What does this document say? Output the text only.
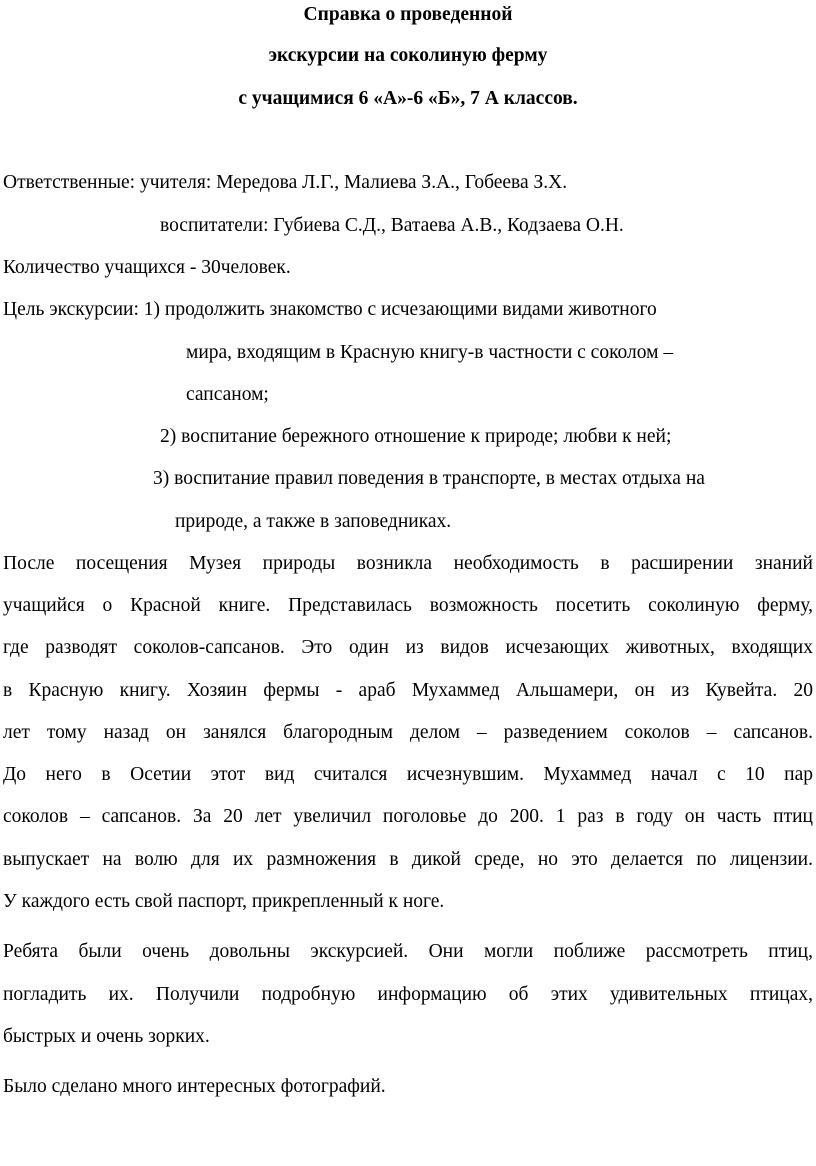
Справка о проведенной
экскурсии на соколиную ферму
с учащимися 6 «А»-6 «Б», 7 А классов.
Ответственные: учителя: Мередова Л.Г., Малиева З.А., Гобеева З.Х.
воспитатели: Губиева С.Д., Ватаева А.В., Кодзаева О.Н.
Количество учащихся - 30человек.
Цель экскурсии: 1) продолжить знакомство с исчезающими видами животного
мира, входящим в Красную книгу-в частности с соколом –
сапсаном;
2) воспитание бережного отношение к природе; любви к ней;
3) воспитание правил поведения в транспорте, в местах отдыха на
природе, а также в заповедниках.
После посещения Музея природы возникла необходимость в расширении знаний
учащийся о Красной книге. Представилась возможность посетить соколиную ферму,
где разводят соколов-сапсанов. Это один из видов исчезающих животных, входящих
в Красную книгу. Хозяин фермы - араб Мухаммед Альшамери, он из Кувейта. 20
лет тому назад он занялся благородным делом – разведением соколов – сапсанов.
До него в Осетии этот вид считался исчезнувшим. Мухаммед начал с 10 пар
соколов – сапсанов. За 20 лет увеличил поголовье до 200. 1 раз в году он часть птиц
выпускает на волю для их размножения в дикой среде, но это делается по лицензии.
У каждого есть свой паспорт, прикрепленный к ноге.
Ребята были очень довольны экскурсией. Они могли поближе рассмотреть птиц,
погладить их. Получили подробную информацию об этих удивительных птицах,
быстрых и очень зорких.
Было сделано много интересных фотографий.
